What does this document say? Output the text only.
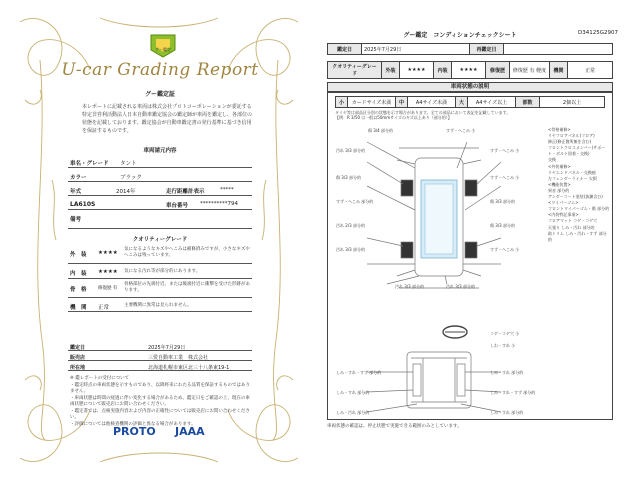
グー鑑定
U-car Grading Report
グー鑑定証
本レポートに記載される車両は株式会社プロトコーポレーションが委託する特定非営利活動法人日本自動車鑑定協会の鑑定師が車両を鑑定し、各部位の状態を記載しております。鑑定協会が自動車鑑定書の発行基準に基づき信用を保証するものです。
車両請元内容
車名・グレード タント
カラー	ブラック
年式	2014年	走行距離計表示	*****
LA610S	車台番号 **********794
備考
クオリティーグレード
外　装 ★★★★
気になるようなキズやへこみは補修済みですが、小さなキズやへこみは残っています。
内　装 ★★★★ 気になる汚れ等が部分的にあります。
骨　格	修復歴 有
骨格部位の先端付近、または後端付近に衝撃を受けた形跡があります。
機　関 正常	主要機関に異常は見られません。
鑑定日	2025年7月29日
販売店	三愛自動車工業　株式会社
所在地	北海道札幌市東区北三十八条東19-1
※ 鑑レポートの受付について
・鑑定時点の車両状態を示すものであり、以降将来にわたる品質を保証するものではありません。
・車両状態は時間の経過に伴い変化する場合があるため、鑑定日をご確認の上、現在の車両状態について販売店にお問い合わせください。
・鑑定書では、点検実施内容および内容の正確性については販売店にお問い合わせください。
・評価については他検査機関の評価と異なる場合があります。
PROTO JAAA
グー鑑定　コンディションチェックシート	D34125G2907
鑑定日	2025年7月29日	再鑑定日	
クオリティーグレード	外装	★★★★	内装	★★★★	修復歴	修復歴 有 軽度	機関	正常
車両状態の説明
小	カードサイズ未満	中	A4サイズ未満	大	A4サイズ以上	部数	2個以上
タイヤ等は部品区分別の状態を示す場合があります。全ての部品において表記を記載しています。
【例：R 3/50 は一般以50mmサイズのキズ以上あり（部分的）】
傷 3/4 部分的	すず・へこみ 小
汚れ 3/3 部分的	すず・へこみ 小
傷 3/3 部分的	すず・へこみ 小
すず・へこみ 部分的	傷 3/3 部分的
汚れ 2/3 部分的	傷 3/3 部分的
汚れ 3/3 部分的	すず・へこみ 小
コゲ・コゲ穴 小
しわ・すれ 小
しみ・すれ・すず 部分的	しみ・すれ 部分的
しみ・すれ 部分的	しみ・すれ・すず 部分的
しみ・汚れ 部分的	しみ・すれ 部分的
汚れ 3/3 部分的	汚れ 3/3 部分的
<骨格補修>
リヤフロアパネル(フロア)
修正(修正箇所無を含む)
フロントクロスメンバー(サポート・ボルト固着・交換)
交換
<外装補修>
リヤエンドパネル・交換痕
左フェンダーライナー 欠損
<機能装置>
異音 部分的
アンダーコート塗装(抜錬含む)
<ワイパーゴム>
フロントワイパーゴム・傷 部分的
<内装特記事項>
フロアマット コゲ・コゲ穴
天張り しみ・汚れ 部分的
助トリム しみ・汚れ・すず 部分的
車両状態の確認は、停止状態で実施できる範囲のみとしています。
